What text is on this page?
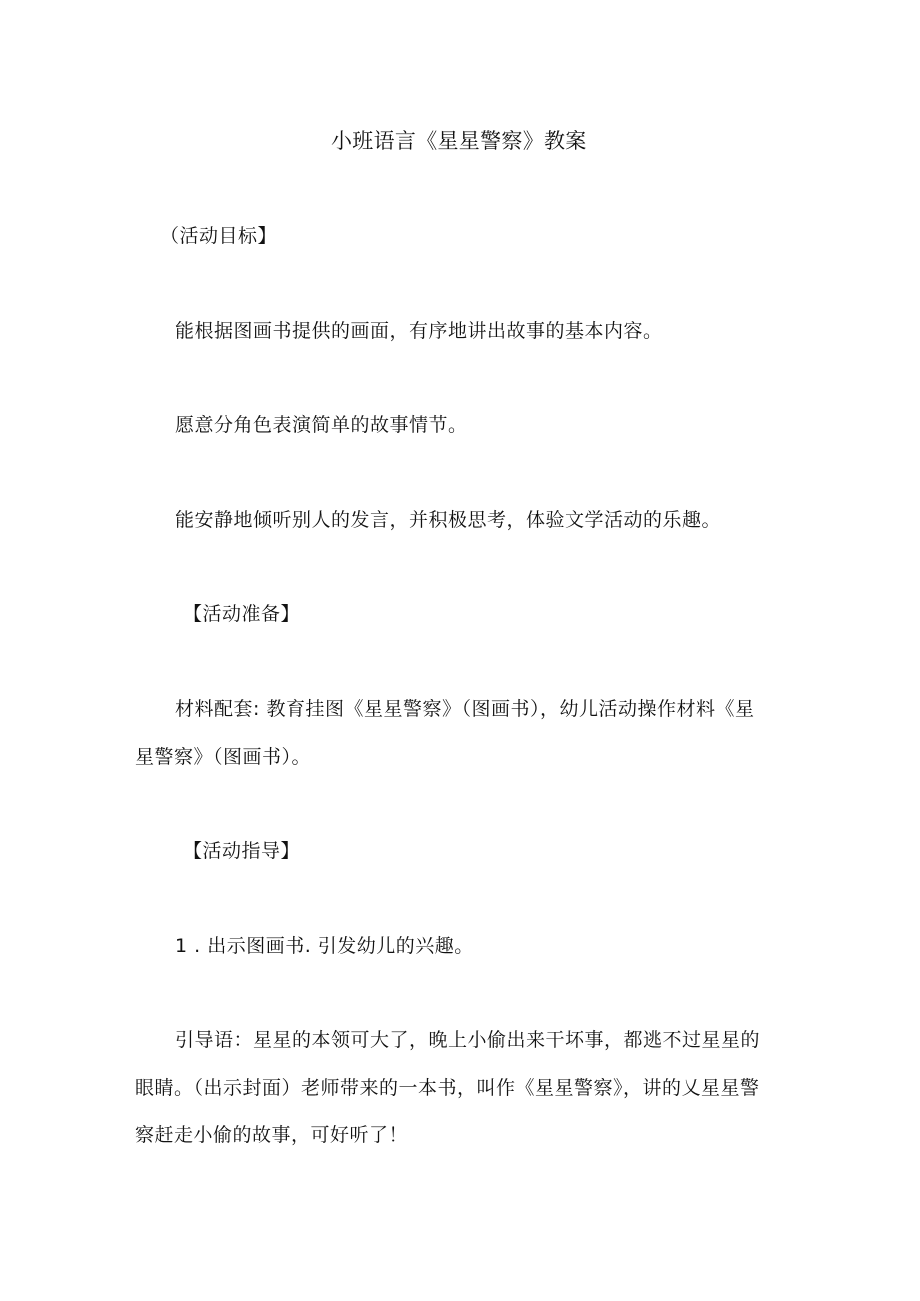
小班语言《星星警察》教案
（活动目标】
能根据图画书提供的画面，有序地讲出故事的基本内容。
愿意分角色表演简单的故事情节。
能安静地倾听别人的发言，并积极思考，体验文学活动的乐趣。
【活动准备】
材料配套: 教育挂图《星星警察》（图画书），幼儿活动操作材料《星
星警察》（图画书）。
【活动指导】
1 . 出示图画书. 引发幼儿的兴趣。
引导语：星星的本领可大了，晚上小偷出来干坏事，都逃不过星星的
眼睛。（出示封面）老师带来的一本书，叫作《星星警察》，讲的乂星星警
察赶走小偷的故事，可好听了！
